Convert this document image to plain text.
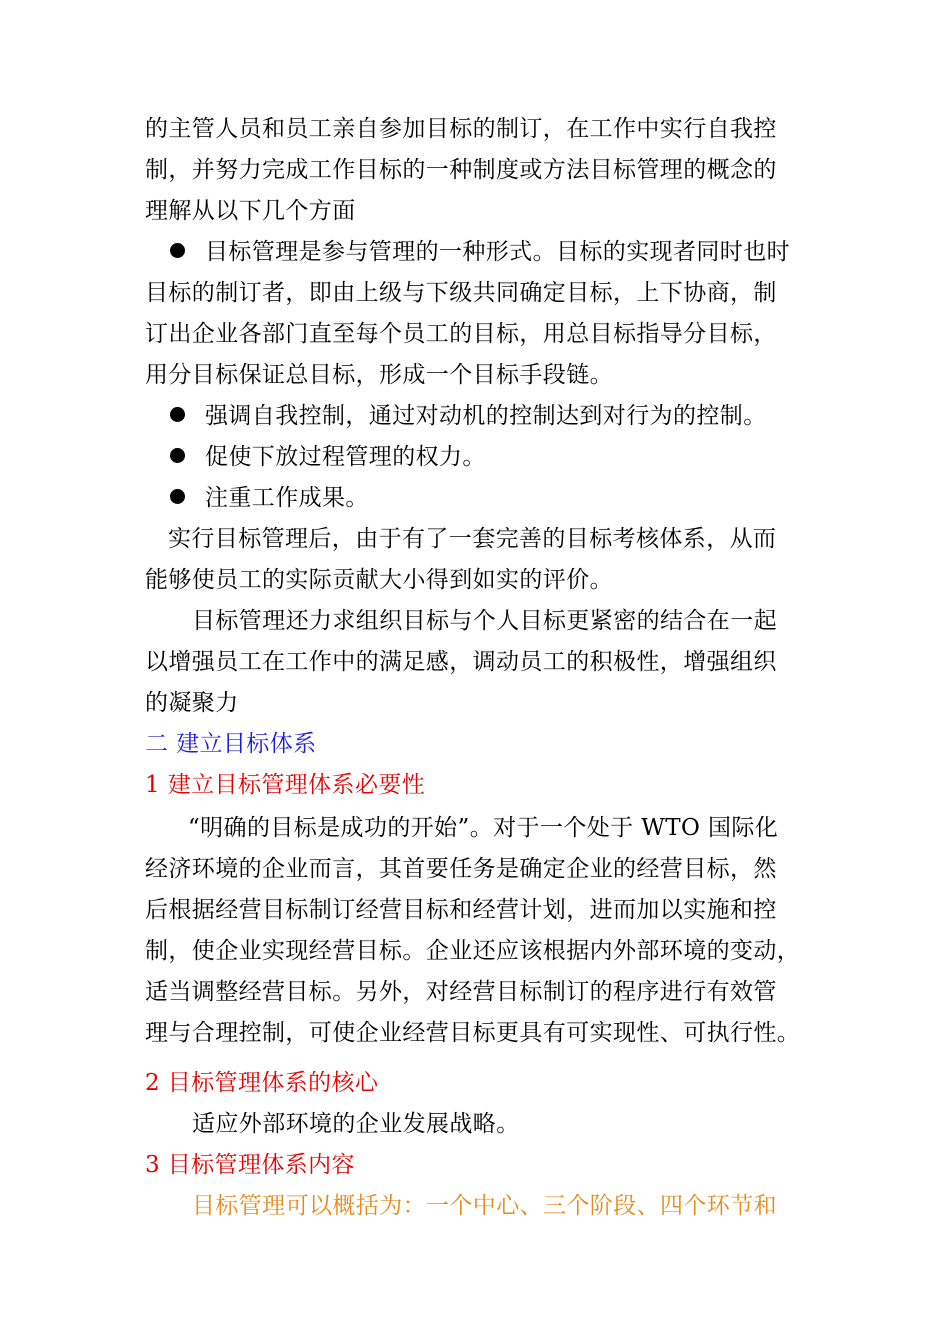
的主管人员和员工亲自参加目标的制订，在工作中实行自我控
制，并努力完成工作目标的一种制度或方法目标管理的概念的
理解从以下几个方面
目标管理是参与管理的一种形式。目标的实现者同时也时
目标的制订者，即由上级与下级共同确定目标，上下协商，制
订出企业各部门直至每个员工的目标，用总目标指导分目标，
用分目标保证总目标，形成一个目标手段链。
强调自我控制，通过对动机的控制达到对行为的控制。
促使下放过程管理的权力。
注重工作成果。
实行目标管理后，由于有了一套完善的目标考核体系，从而
能够使员工的实际贡献大小得到如实的评价。
目标管理还力求组织目标与个人目标更紧密的结合在一起
以增强员工在工作中的满足感，调动员工的积极性，增强组织
的凝聚力
二 建立目标体系
1 建立目标管理体系必要性
“明确的目标是成功的开始”。对于一个处于 WTO 国际化
经济环境的企业而言，其首要任务是确定企业的经营目标，然
后根据经营目标制订经营目标和经营计划，进而加以实施和控
制，使企业实现经营目标。企业还应该根据内外部环境的变动，
适当调整经营目标。另外，对经营目标制订的程序进行有效管
理与合理控制，可使企业经营目标更具有可实现性、可执行性。
2 目标管理体系的核心
适应外部环境的企业发展战略。
3 目标管理体系内容
目标管理可以概括为：一个中心、三个阶段、四个环节和
